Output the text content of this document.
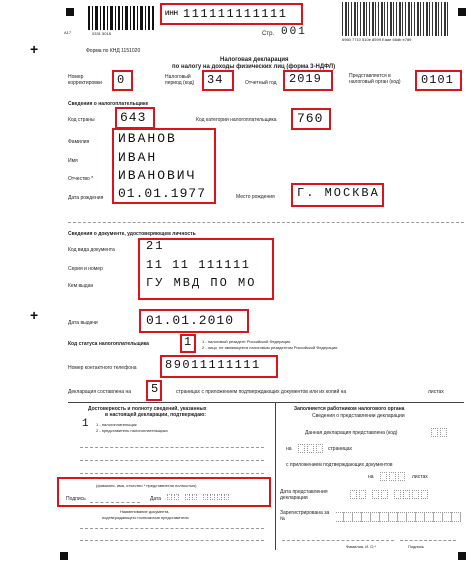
A17	0331 5018
ИНН 111111111111
Стр. 001
6960 7710 510e 8599 Eaae 66db e789
+	Форма по КНД 1151020
Налоговая декларация
по налогу на доходы физических лиц (форма 3-НДФЛ)
Номер корректировки	0	Налоговый период (код)	34	Отчетный год 2019	Представляется в налоговый орган (код)	0101
Сведения о налогоплательщике
Код страны 643	Код категории налогоплательщика 760
Фамилия ИВАНОВ
Имя	ИВАН
Отчество * ИВАНОВИЧ
Дата рождения 01.01.1977	Место рождения Г. МОСКВА
Сведения о документе, удостоверяющем личность
Код вида документа	21
Серия и номер	11 11 111111
Кем выдан	ГУ МВД ПО МО
+	Дата выдачи	01.01.2010
Код статуса налогоплательщика	1 1 - налоговый резидент Российской Федерации
2 - лицо, не являющееся налоговым резидентом Российской Федерации
Номер контактного телефона 89011111111
Декларация составлена на 5	страницах с приложением подтверждающих документов или их копий на	листах
Достоверность и полноту сведений, указанных
в настоящей декларации, подтверждаю:
1 1 - налогоплательщик
2 - представитель налогоплательщика
(фамилия, имя, отчество * представителя полностью)
Подпись	Дата
Наименование документа,
подтверждающего полномочия представителя
Заполняется работником налогового органа
Сведения о представлении декларации
Данная декларация представлена (код)
на	страницах
с приложением подтверждающих документов
на	листах
Дата представления декларации
Зарегистрирована за №
Фамилия, И. О.*	Подпись
